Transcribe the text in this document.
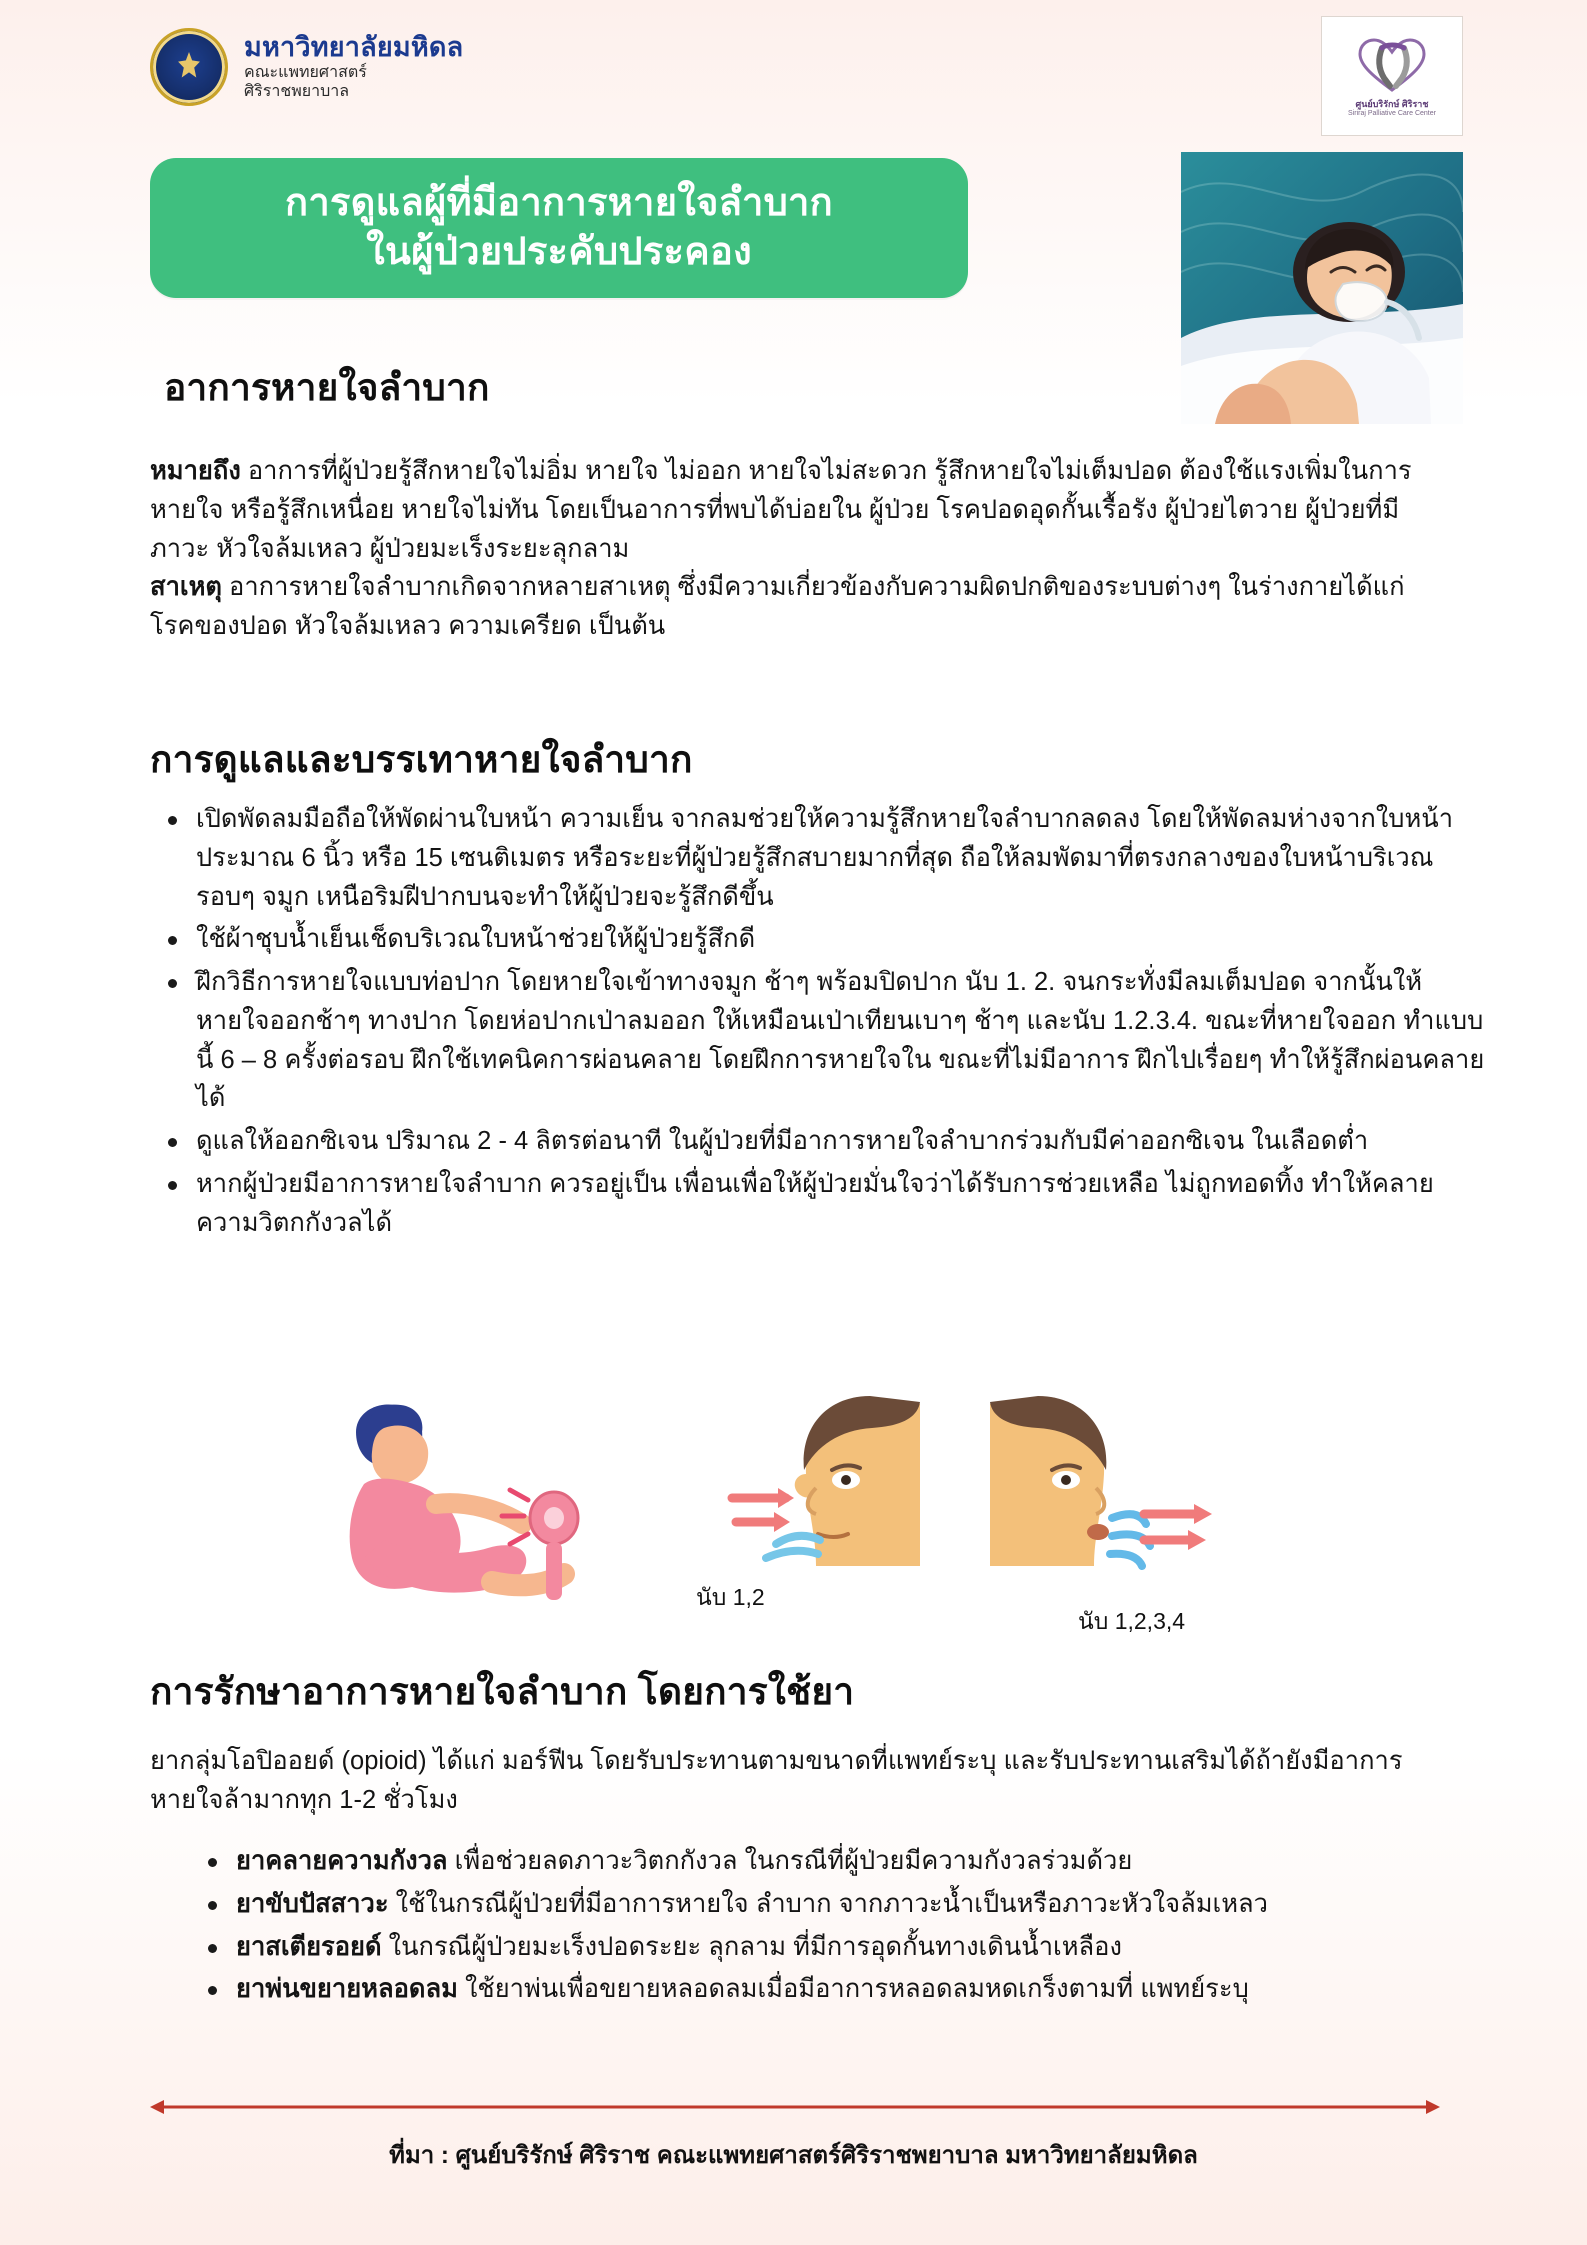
มหาวิทยาลัยมหิดล
คณะแพทยศาสตร์
ศิริราชพยาบาล
ศูนย์บริรักษ์ ศิริราช
Siriraj Palliative Care Center
การดูแลผู้ที่มีอาการหายใจลำบาก
ในผู้ป่วยประคับประคอง
อาการหายใจลำบาก
หมายถึง อาการที่ผู้ป่วยรู้สึกหายใจไม่อิ่ม หายใจ ไม่ออก หายใจไม่สะดวก รู้สึกหายใจไม่เต็มปอด ต้องใช้แรงเพิ่มในการหายใจ หรือรู้สึกเหนื่อย หายใจไม่ทัน โดยเป็นอาการที่พบได้บ่อยใน ผู้ป่วย โรคปอดอุดกั้นเรื้อรัง ผู้ป่วยไตวาย ผู้ป่วยที่มีภาวะ หัวใจล้มเหลว ผู้ป่วยมะเร็งระยะลุกลาม
สาเหตุ อาการหายใจลำบากเกิดจากหลายสาเหตุ ซึ่งมีความเกี่ยวข้องกับความผิดปกติของระบบต่างๆ ในร่างกายได้แก่โรคของปอด หัวใจล้มเหลว ความเครียด เป็นต้น
การดูแลและบรรเทาหายใจลำบาก
เปิดพัดลมมือถือให้พัดผ่านใบหน้า ความเย็น จากลมช่วยให้ความรู้สึกหายใจลำบากลดลง โดยให้พัดลมห่างจากใบหน้าประมาณ 6 นิ้ว หรือ 15 เซนติเมตร หรือระยะที่ผู้ป่วยรู้สึกสบายมากที่สุด ถือให้ลมพัดมาที่ตรงกลางของใบหน้าบริเวณรอบๆ จมูก เหนือริมฝีปากบนจะทำให้ผู้ป่วยจะรู้สึกดีขึ้น
ใช้ผ้าชุบน้ำเย็นเช็ดบริเวณใบหน้าช่วยให้ผู้ป่วยรู้สึกดี
ฝึกวิธีการหายใจแบบท่อปาก โดยหายใจเข้าทางจมูก ช้าๆ พร้อมปิดปาก นับ 1. 2. จนกระทั่งมีลมเต็มปอด จากนั้นให้หายใจออกช้าๆ ทางปาก โดยห่อปากเป่าลมออก ให้เหมือนเป่าเทียนเบาๆ ช้าๆ และนับ 1.2.3.4. ขณะที่หายใจออก ทำแบบนี้ 6 – 8 ครั้งต่อรอบ ฝึกใช้เทคนิคการผ่อนคลาย โดยฝึกการหายใจใน ขณะที่ไม่มีอาการ ฝึกไปเรื่อยๆ ทำให้รู้สึกผ่อนคลายได้
ดูแลให้ออกซิเจน ปริมาณ 2 - 4 ลิตรต่อนาที ในผู้ป่วยที่มีอาการหายใจลำบากร่วมกับมีค่าออกซิเจน ในเลือดต่ำ
หากผู้ป่วยมีอาการหายใจลำบาก ควรอยู่เป็น เพื่อนเพื่อให้ผู้ป่วยมั่นใจว่าได้รับการช่วยเหลือ ไม่ถูกทอดทิ้ง ทำให้คลายความวิตกกังวลได้
นับ 1,2
นับ 1,2,3,4
การรักษาอาการหายใจลำบาก โดยการใช้ยา
ยากลุ่มโอปิออยด์ (opioid) ได้แก่ มอร์ฟีน โดยรับประทานตามขนาดที่แพทย์ระบุ และรับประทานเสริมได้ถ้ายังมีอาการหายใจล้ามากทุก 1-2 ชั่วโมง
ยาคลายความกังวล เพื่อช่วยลดภาวะวิตกกังวล ในกรณีที่ผู้ป่วยมีความกังวลร่วมด้วย
ยาขับปัสสาวะ ใช้ในกรณีผู้ป่วยที่มีอาการหายใจ ลำบาก จากภาวะน้ำเป็นหรือภาวะหัวใจล้มเหลว
ยาสเตียรอยด์ ในกรณีผู้ป่วยมะเร็งปอดระยะ ลุกลาม ที่มีการอุดกั้นทางเดินน้ำเหลือง
ยาพ่นขยายหลอดลม ใช้ยาพ่นเพื่อขยายหลอดลมเมื่อมีอาการหลอดลมหดเกร็งตามที่ แพทย์ระบุ
ที่มา : ศูนย์บริรักษ์ ศิริราช คณะแพทยศาสตร์ศิริราชพยาบาล มหาวิทยาลัยมหิดล
